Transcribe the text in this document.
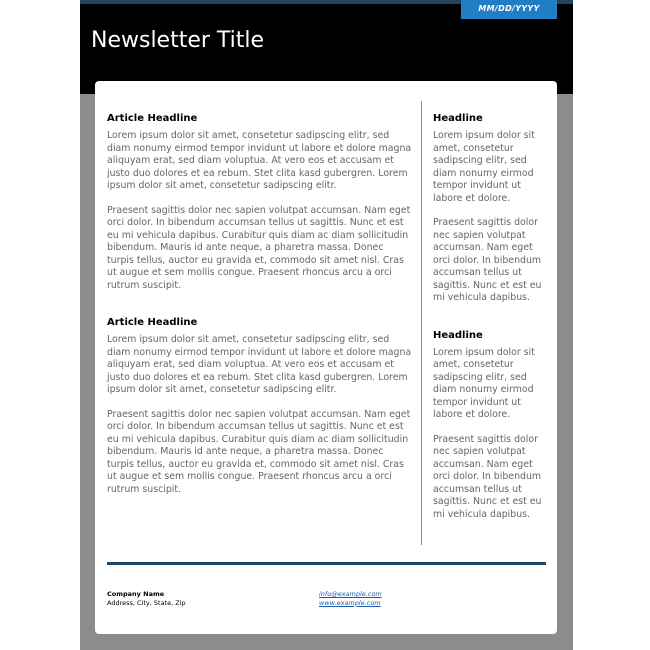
MM/DD/YYYY
Newsletter Title
Article Headline

Lorem ipsum dolor sit amet, consetetur sadipscing elitr, sed diam nonumy eirmod tempor invidunt ut labore et dolore magna aliquyam erat, sed diam voluptua. At vero eos et accusam et justo duo dolores et ea rebum. Stet clita kasd gubergren. Lorem ipsum dolor sit amet, consetetur sadipscing elitr.

Praesent sagittis dolor nec sapien volutpat accumsan. Nam eget orci dolor. In bibendum accumsan tellus ut sagittis. Nunc et est eu mi vehicula dapibus. Curabitur quis diam ac diam sollicitudin bibendum. Mauris id ante neque, a pharetra massa. Donec turpis tellus, auctor eu gravida et, commodo sit amet nisl. Cras ut augue et sem mollis congue. Praesent rhoncus arcu a orci rutrum suscipit.

Article Headline

Lorem ipsum dolor sit amet, consetetur sadipscing elitr, sed diam nonumy eirmod tempor invidunt ut labore et dolore magna aliquyam erat, sed diam voluptua. At vero eos et accusam et justo duo dolores et ea rebum. Stet clita kasd gubergren. Lorem ipsum dolor sit amet, consetetur sadipscing elitr.

Praesent sagittis dolor nec sapien volutpat accumsan. Nam eget orci dolor. In bibendum accumsan tellus ut sagittis. Nunc et est eu mi vehicula dapibus. Curabitur quis diam ac diam sollicitudin bibendum. Mauris id ante neque, a pharetra massa. Donec turpis tellus, auctor eu gravida et, commodo sit amet nisl. Cras ut augue et sem mollis congue. Praesent rhoncus arcu a orci rutrum suscipit.

Headline

Lorem ipsum dolor sit amet, consetetur sadipscing elitr, sed diam nonumy eirmod tempor invidunt ut labore et dolore.

Praesent sagittis dolor nec sapien volutpat accumsan. Nam eget orci dolor. In bibendum accumsan tellus ut sagittis. Nunc et est eu mi vehicula dapibus.

Headline

Lorem ipsum dolor sit amet, consetetur sadipscing elitr, sed diam nonumy eirmod tempor invidunt ut labore et dolore.

Praesent sagittis dolor nec sapien volutpat accumsan. Nam eget orci dolor. In bibendum accumsan tellus ut sagittis. Nunc et est eu mi vehicula dapibus.

Company Name
Address, City, State, Zip
info@example.com
www.example.com
